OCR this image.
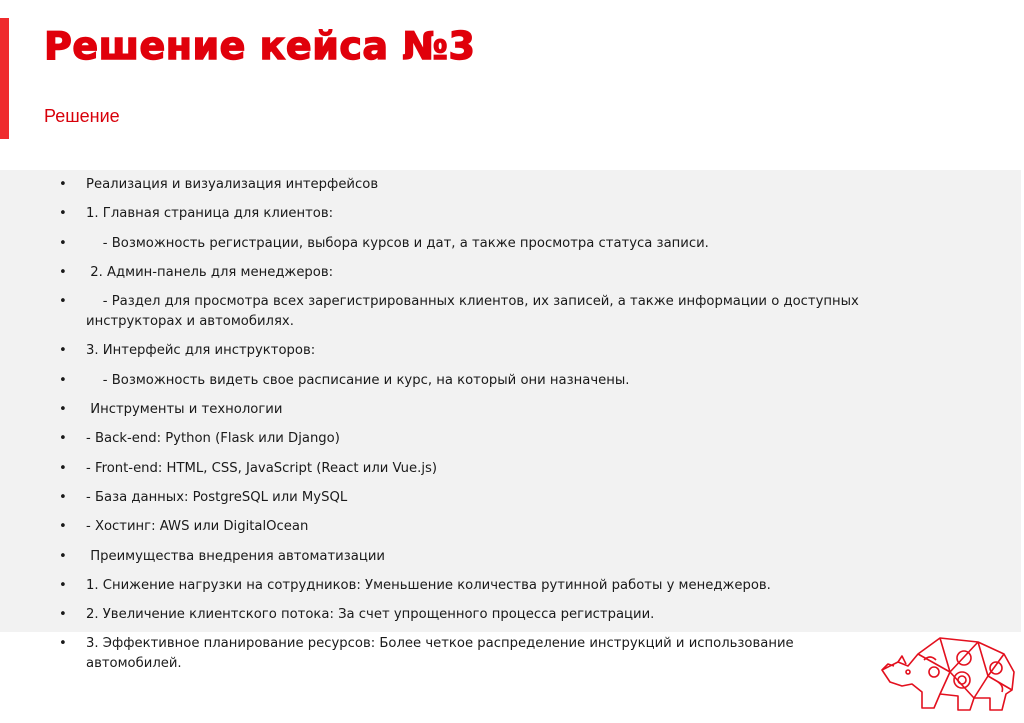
Решение кейса №3
Решение
• Реализация и визуализация интерфейсов
• 1. Главная страница для клиентов:
• - Возможность регистрации, выбора курсов и дат, а также просмотра статуса записи.
• 2. Админ-панель для менеджеров:
• - Раздел для просмотра всех зарегистрированных клиентов, их записей, а также информации о доступных инструкторах и автомобилях.
• 3. Интерфейс для инструкторов:
• - Возможность видеть свое расписание и курс, на который они назначены.
• Инструменты и технологии
• - Back-end: Python (Flask или Django)
• - Front-end: HTML, CSS, JavaScript (React или Vue.js)
• - База данных: PostgreSQL или MySQL
• - Хостинг: AWS или DigitalOcean
• Преимущества внедрения автоматизации
• 1. Снижение нагрузки на сотрудников: Уменьшение количества рутинной работы у менеджеров.
• 2. Увеличение клиентского потока: За счет упрощенного процесса регистрации.
• 3. Эффективное планирование ресурсов: Более четкое распределение инструкций и использование автомобилей.
